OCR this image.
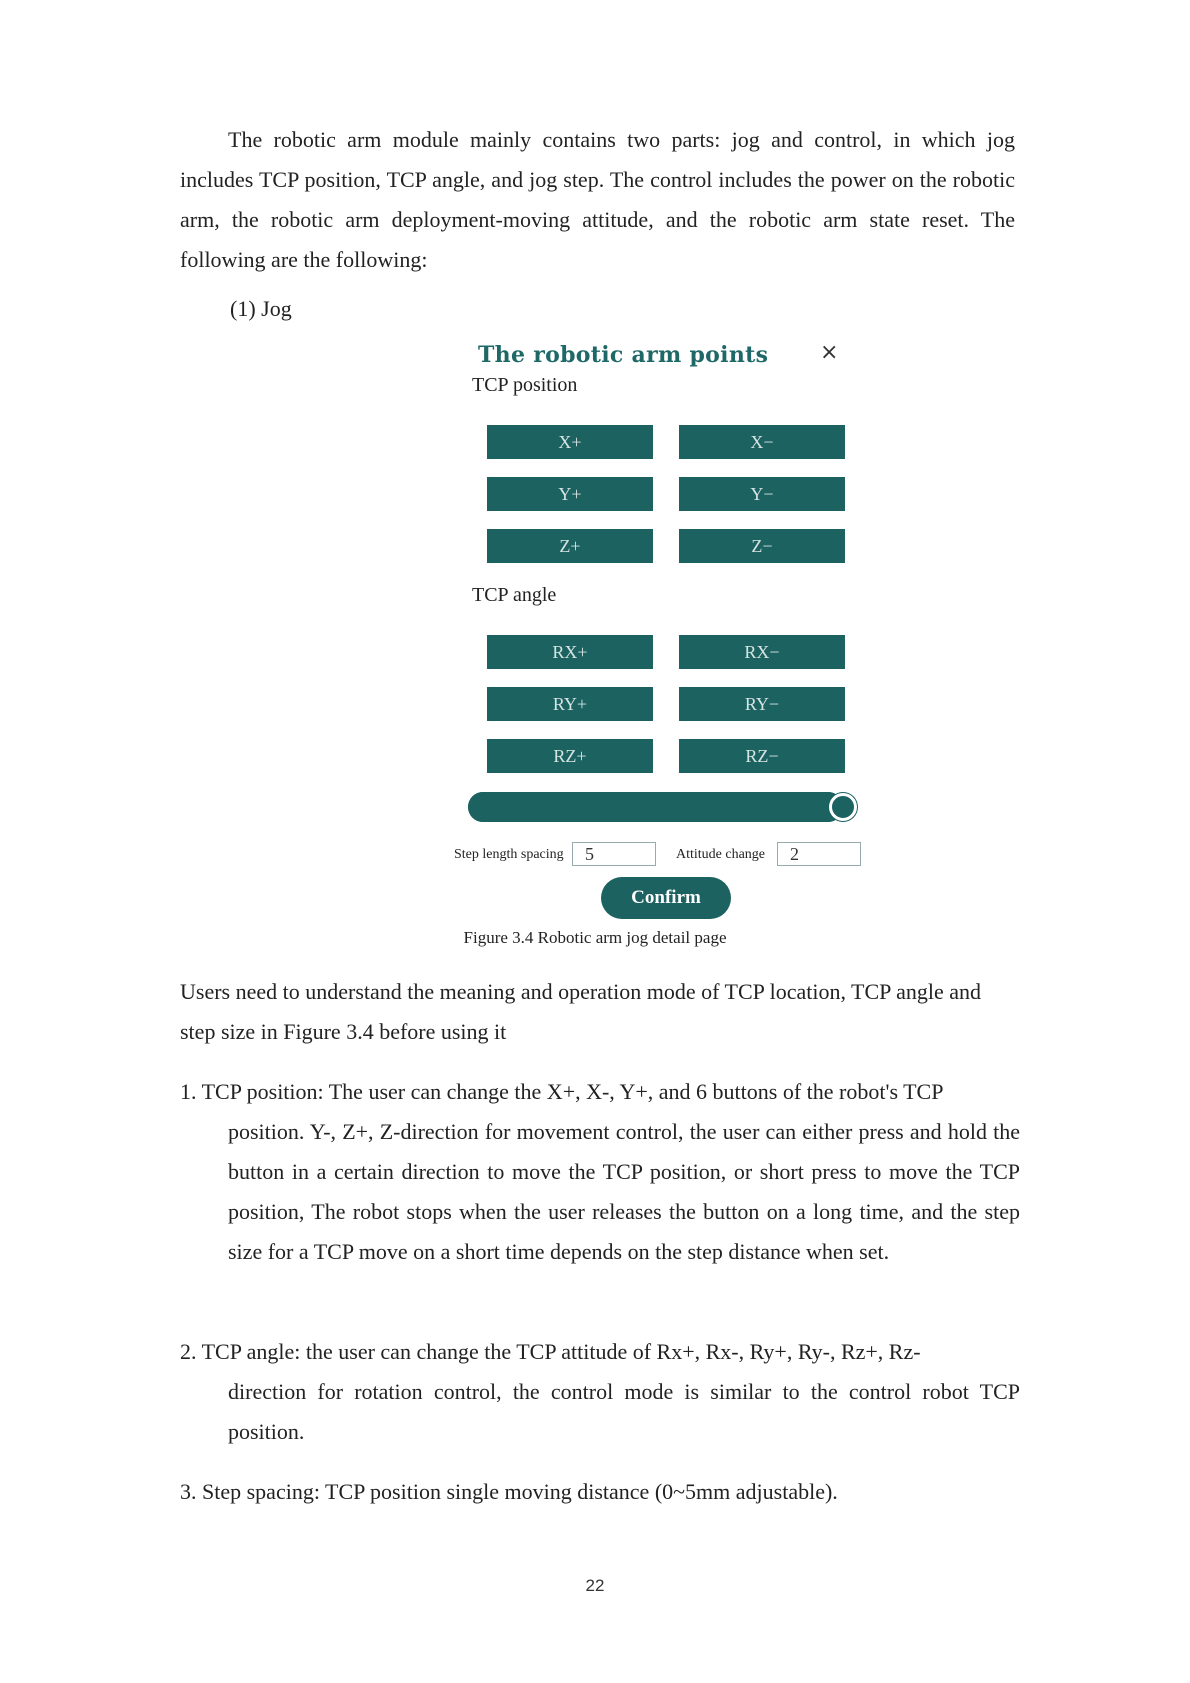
The robotic arm module mainly contains two parts: jog and control, in which jog includes TCP position, TCP angle, and jog step. The control includes the power on the robotic arm, the robotic arm deployment-moving attitude, and the robotic arm state reset. The following are the following:
(1) Jog
The robotic arm points ×
TCP position
X+	X−
Y+	Y−
Z+	Z−
TCP angle
RX+	RX−
RY+	RY−
RZ+	RZ−
Step length spacing
5	Attitude change
2
Confirm
Figure 3.4 Robotic arm jog detail page
Users need to understand the meaning and operation mode of TCP location, TCP angle and step size in Figure 3.4 before using it
1. TCP position: The user can change the X+, X-, Y+, and 6 buttons of the robot's TCP
position. Y-, Z+, Z-direction for movement control, the user can either press and hold the button in a certain direction to move the TCP position, or short press to move the TCP position, The robot stops when the user releases the button on a long time, and the step size for a TCP move on a short time depends on the step distance when set.
2. TCP angle: the user can change the TCP attitude of Rx+, Rx-, Ry+, Ry-, Rz+, Rz-
direction for rotation control, the control mode is similar to the control robot TCP position.
3. Step spacing: TCP position single moving distance (0~5mm adjustable).
22
